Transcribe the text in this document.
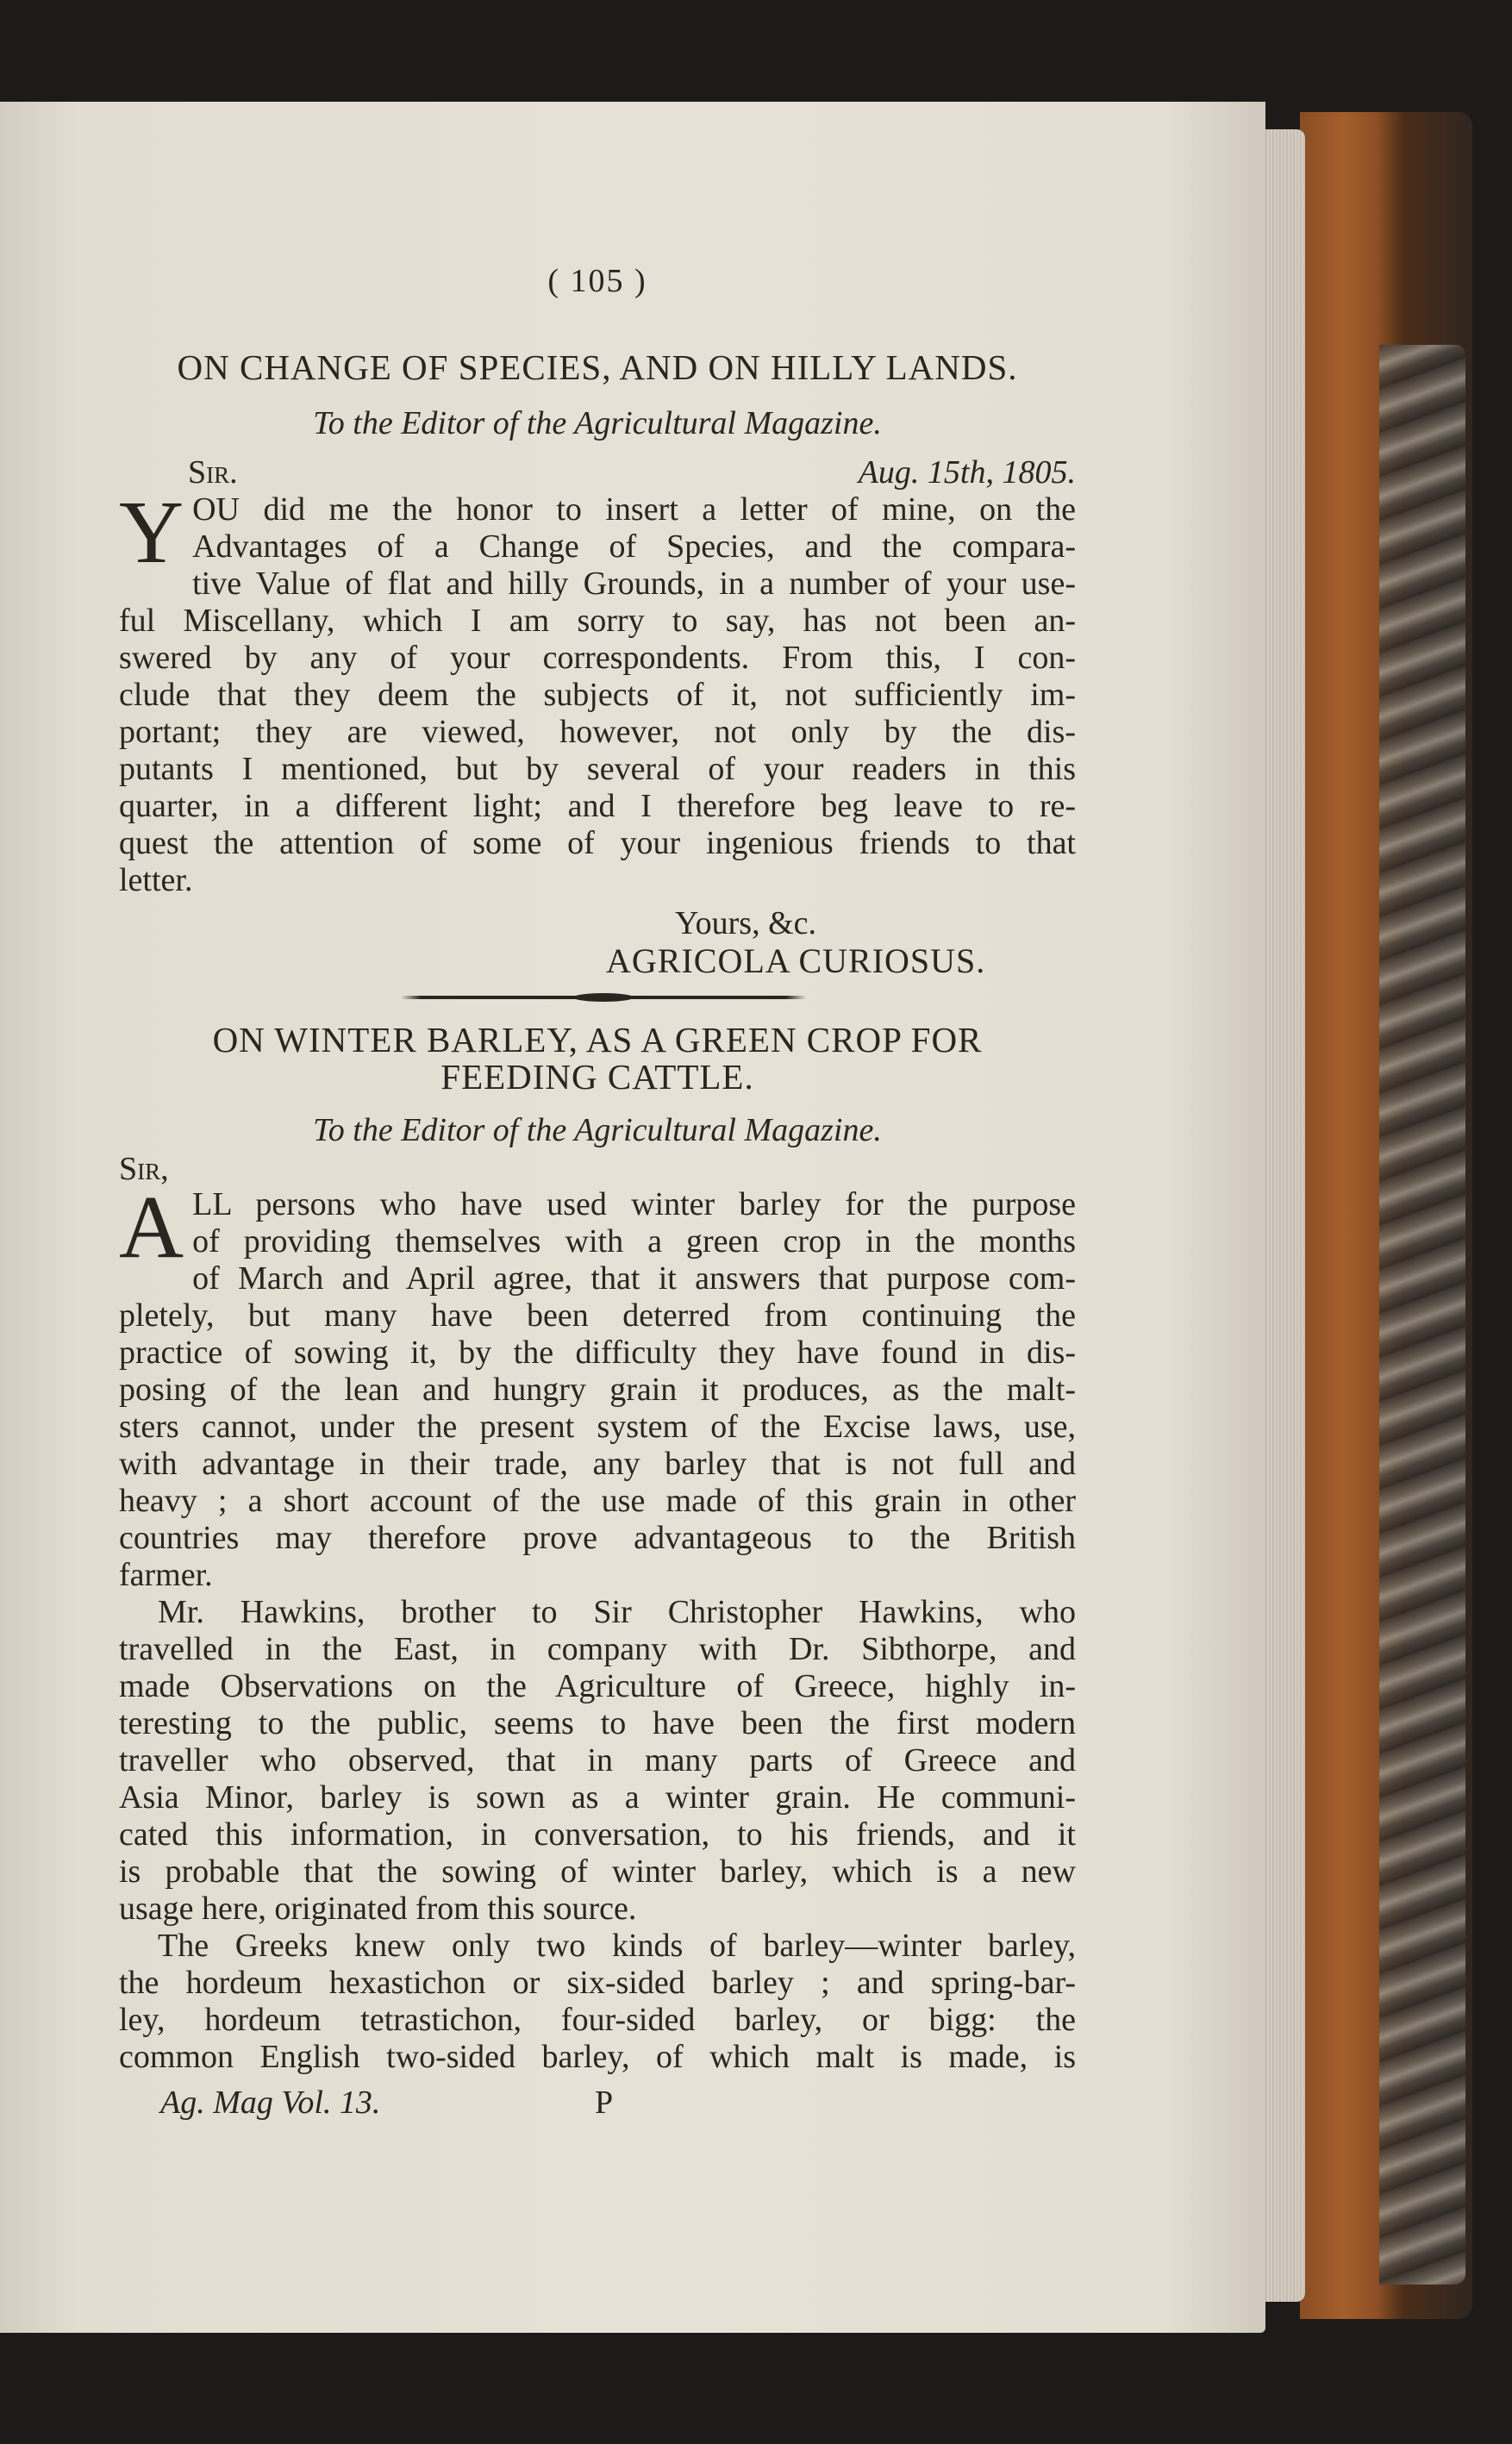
( 105 )
ON CHANGE OF SPECIES, AND ON HILLY LANDS.
To the Editor of the Agricultural Magazine.
Sir.	Aug. 15th, 1805.
Y OU did me the honor to insert a letter of mine, on the
Advantages of a Change of Species, and the compara-
tive Value of flat and hilly Grounds, in a number of your use-
ful Miscellany, which I am sorry to say, has not been an-
swered by any of your correspondents. From this, I con-
clude that they deem the subjects of it, not sufficiently im-
portant; they are viewed, however, not only by the dis-
putants I mentioned, but by several of your readers in this
quarter, in a different light; and I therefore beg leave to re-
quest the attention of some of your ingenious friends to that
letter.
Yours, &c.
AGRICOLA CURIOSUS.
ON WINTER BARLEY, AS A GREEN CROP FOR
FEEDING CATTLE.
To the Editor of the Agricultural Magazine.
Sir,
A LL persons who have used winter barley for the purpose
of providing themselves with a green crop in the months
of March and April agree, that it answers that purpose com-
pletely, but many have been deterred from continuing the
practice of sowing it, by the difficulty they have found in dis-
posing of the lean and hungry grain it produces, as the malt-
sters cannot, under the present system of the Excise laws, use,
with advantage in their trade, any barley that is not full and
heavy ; a short account of the use made of this grain in other
countries may therefore prove advantageous to the British
farmer.
Mr. Hawkins, brother to Sir Christopher Hawkins, who
travelled in the East, in company with Dr. Sibthorpe, and
made Observations on the Agriculture of Greece, highly in-
teresting to the public, seems to have been the first modern
traveller who observed, that in many parts of Greece and
Asia Minor, barley is sown as a winter grain. He communi-
cated this information, in conversation, to his friends, and it
is probable that the sowing of winter barley, which is a new
usage here, originated from this source.
The Greeks knew only two kinds of barley—winter barley,
the hordeum hexastichon or six-sided barley ; and spring-bar-
ley, hordeum tetrastichon, four-sided barley, or bigg: the
common English two-sided barley, of which malt is made, is
Ag. Mag Vol. 13.	P
